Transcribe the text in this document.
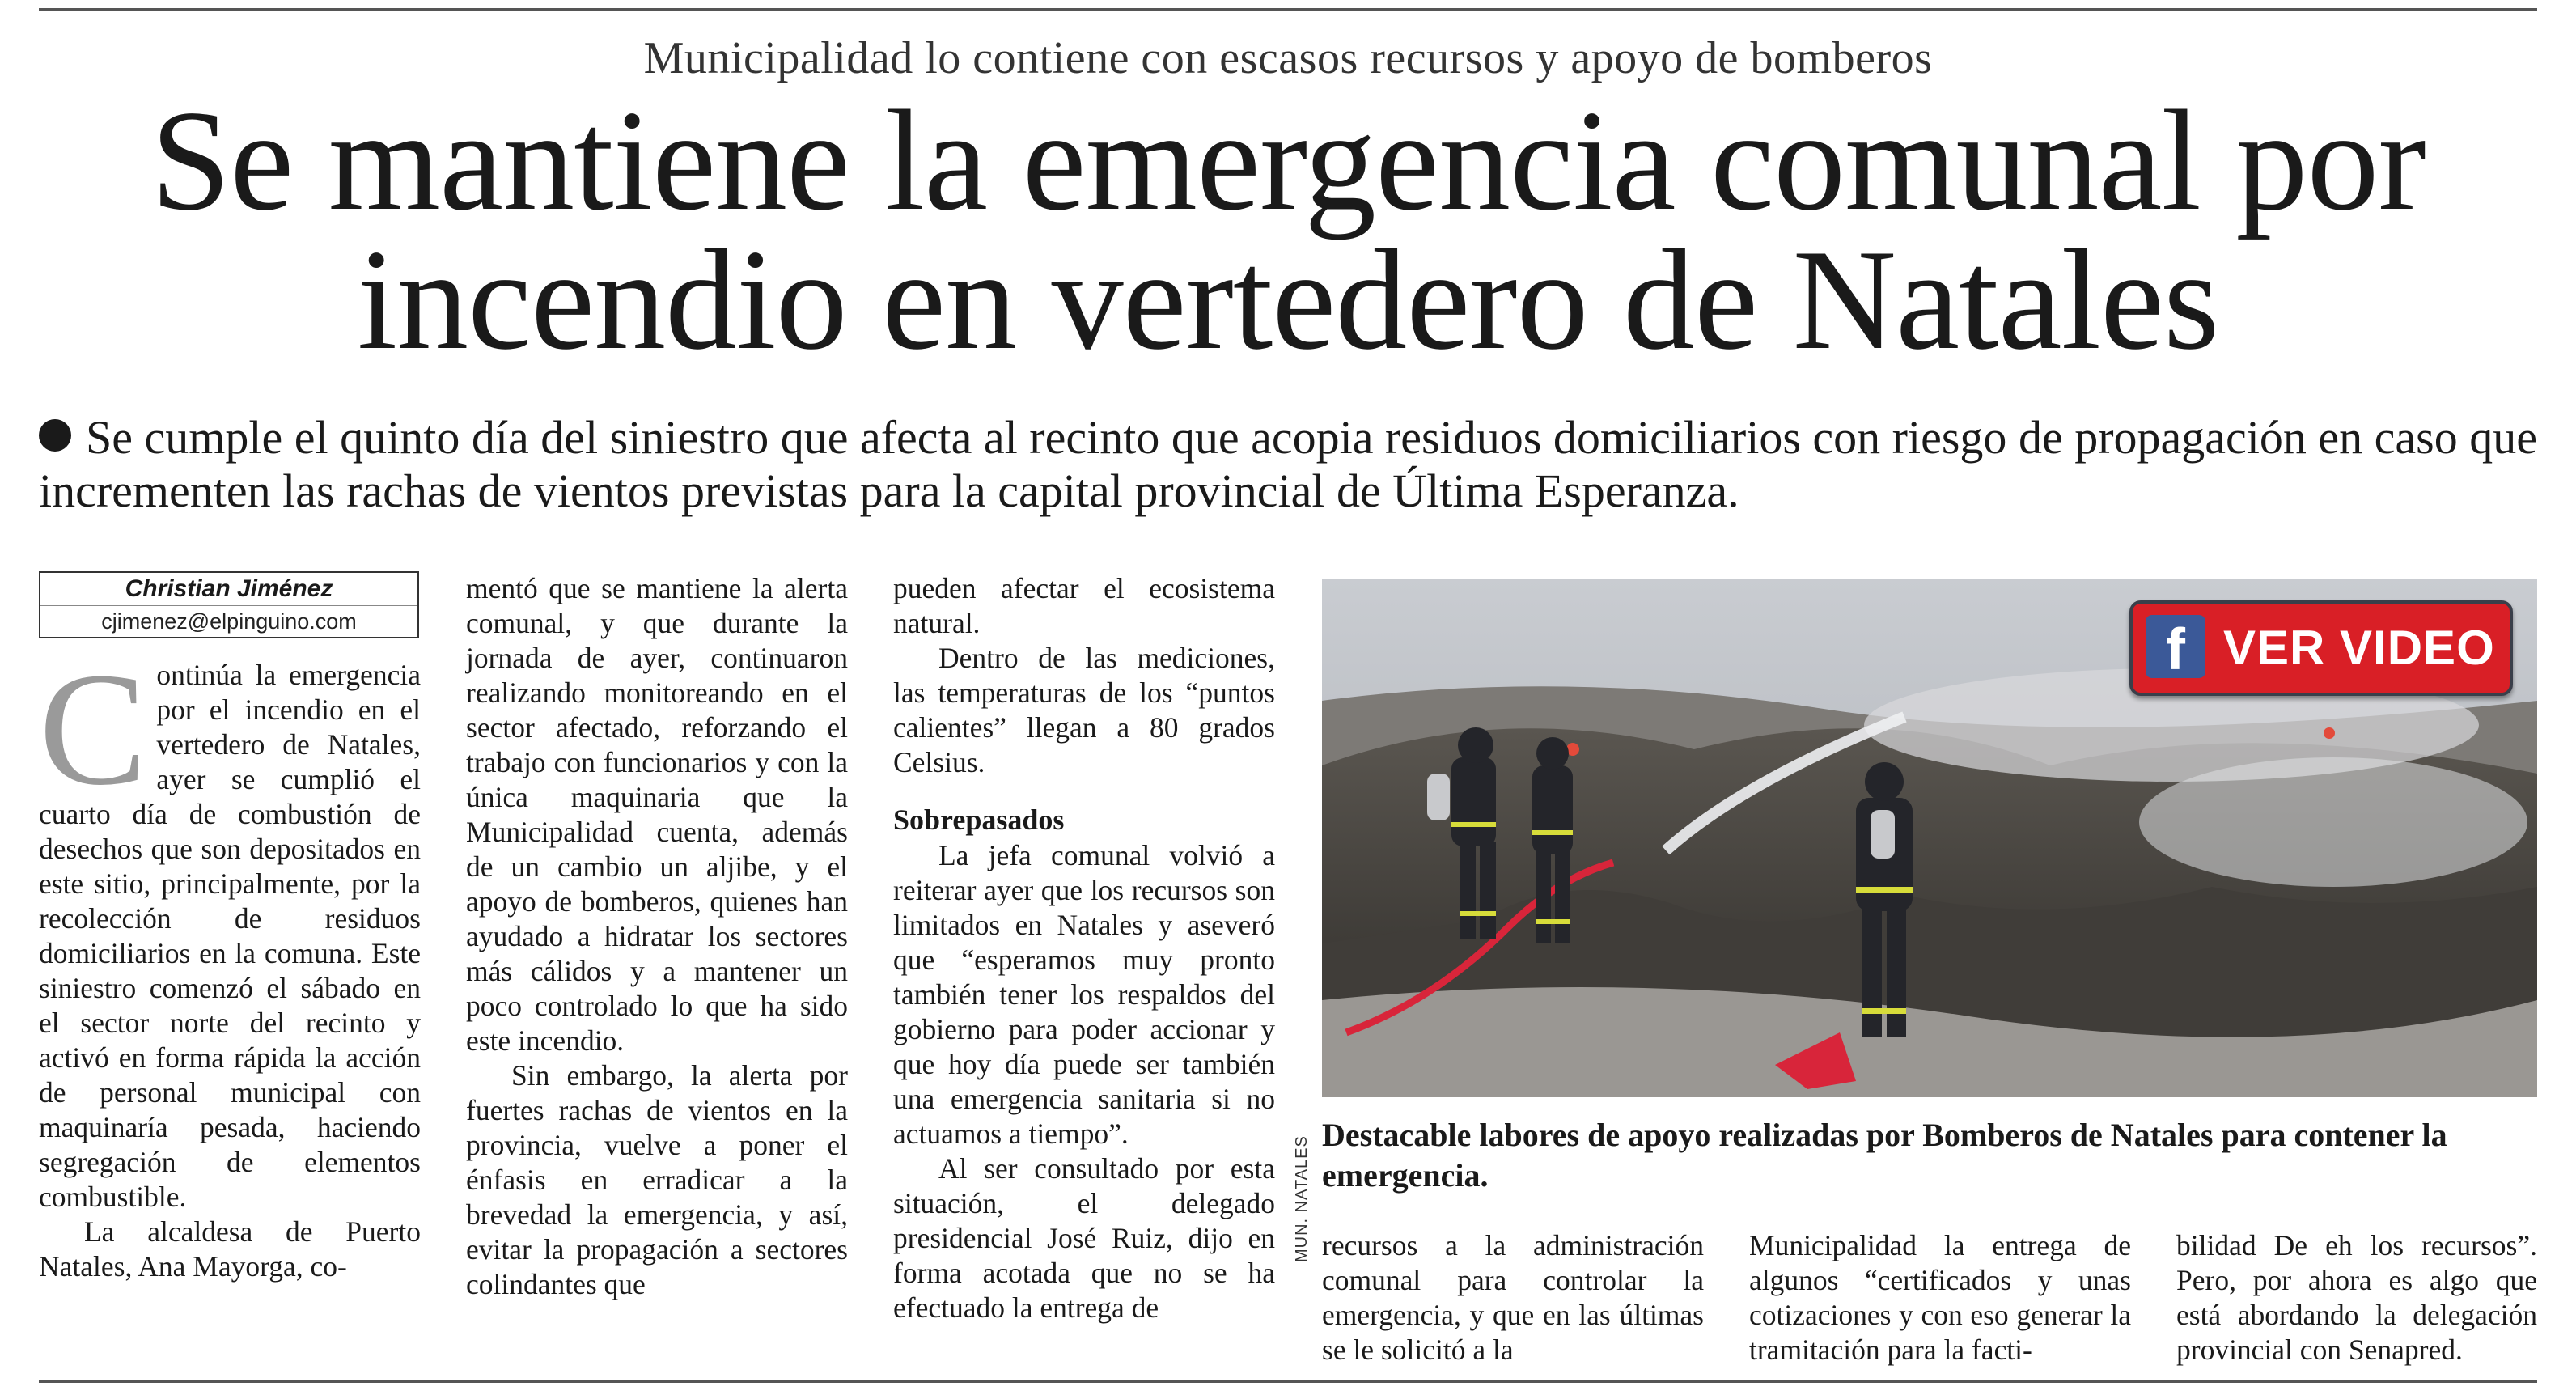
Municipalidad lo contiene con escasos recursos y apoyo de bomberos
Se mantiene la emergencia comunal por
incendio en vertedero de Natales
Se cumple el quinto día del siniestro que afecta al recinto que acopia residuos domiciliarios con riesgo de propagación en caso que incrementen las rachas de vientos previstas para la capital provincial de Última Esperanza.
Christian Jiménez
cjimenez@elpinguino.com

Continúa la emergencia por el incendio en el vertedero de Natales, ayer se cumplió el cuarto día de combustión de desechos que son depositados en este sitio, principalmente, por la recolección de residuos domiciliarios en la comuna. Este siniestro comenzó el sábado en el sector norte del recinto y activó en forma rápida la acción de personal municipal con maquinaría pesada, haciendo segregación de elementos combustible.

La alcaldesa de Puerto Natales, Ana Mayorga, co-

mentó que se mantiene la alerta comunal, y que durante la jornada de ayer, continuaron realizando monitoreando en el sector afectado, reforzando el trabajo con funcionarios y con la única maquinaria que la Municipalidad cuenta, además de un cambio un aljibe, y el apoyo de bomberos, quienes han ayudado a hidratar los sectores más cálidos y a mantener un poco controlado lo que ha sido este incendio.

Sin embargo, la alerta por fuertes rachas de vientos en la provincia, vuelve a poner el énfasis en erradicar a la brevedad la emergencia, y así, evitar la propagación a sectores colindantes que

pueden afectar el ecosistema natural.

Dentro de las mediciones, las temperaturas de los “puntos calientes” llegan a 80 grados Celsius.

Sobrepasados

La jefa comunal volvió a reiterar ayer que los recursos son limitados en Natales y aseveró que “esperamos muy pronto también tener los respaldos del gobierno para poder accionar y que hoy día puede ser también una emergencia sanitaria si no actuamos a tiempo”.

Al ser consultado por esta situación, el delegado presidencial José Ruiz, dijo en forma acotada que no se ha efectuado la entrega de

f VER VIDEO
MUN. NATALES
Destacable labores de apoyo realizadas por Bomberos de Natales para contener la emergencia.

recursos a la administración comunal para controlar la emergencia, y que en las últimas se le solicitó a la

Municipalidad la entrega de algunos “certificados y unas cotizaciones y con eso generar la tramitación para la facti-

bilidad De eh los recursos”. Pero, por ahora es algo que está abordando la delegación provincial con Senapred.
